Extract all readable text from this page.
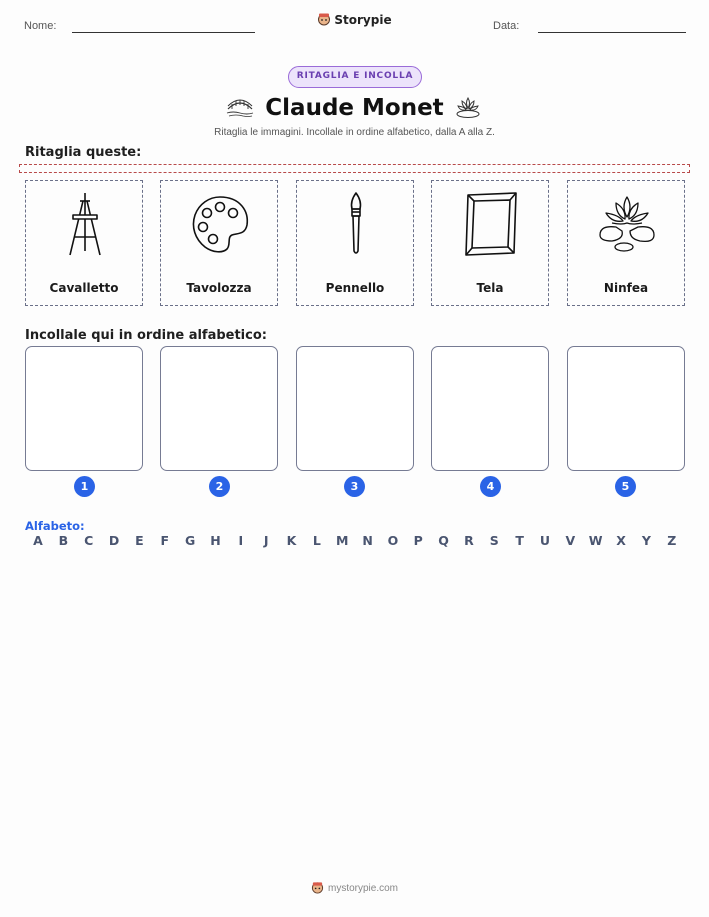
Nome:	Storypie	Data:
RITAGLIA E INCOLLA
Claude Monet
Ritaglia le immagini. Incollale in ordine alfabetico, dalla A alla Z.
Ritaglia queste:
Cavalletto	Tavolozza	Pennello	Tela	Ninfea
Incollale qui in ordine alfabetico:
1	2	3	4	5
Alfabeto:
A	B	C	D	E	F	G	H	I	J	K	L	M	N	O	P	Q	R	S	T	U	V	W	X	Y	Z
mystorypie.com
